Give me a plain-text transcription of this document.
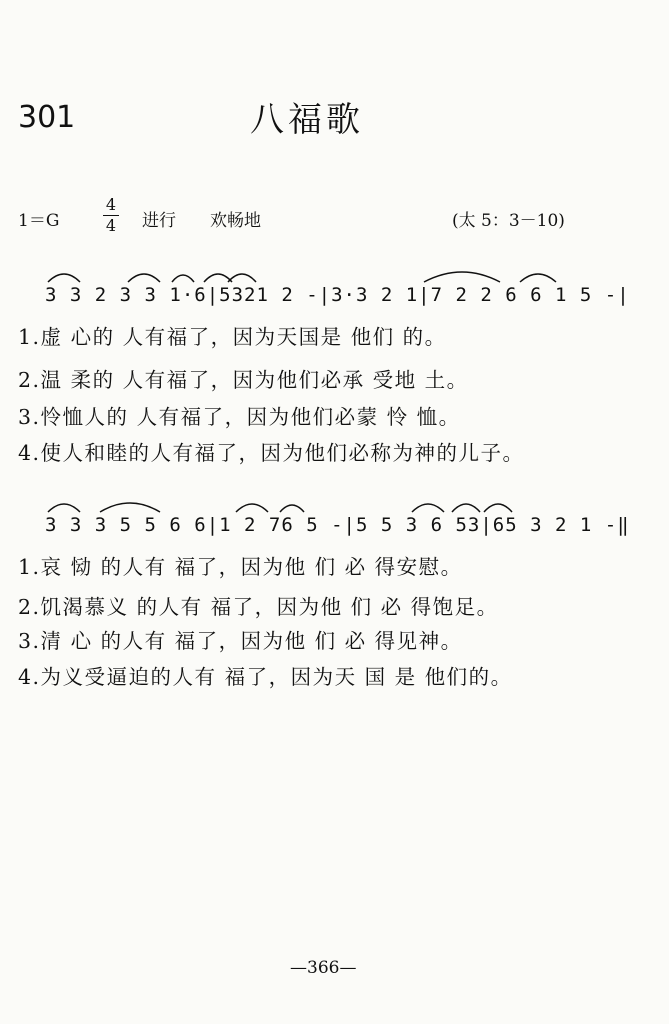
301	八福歌
1＝G
4
4 进行 欢畅地	(太 5：3－10)
3 3 2 3 3 1·6|5321 2 -|3·3 2 1|7 2 2 6 6 1 5 -|
1.虚 心的 人有福了，因为天国是 他们 的。
2.温 柔的 人有福了，因为他们必承 受地 土。
3.怜恤人的 人有福了，因为他们必蒙 怜 恤。
4.使人和睦的人有福了，因为他们必称为神的儿子。
3 3 3 5 5 6 6|1 2 76 5 -|5 5 3 6 53|65 3 2 1 -‖
1.哀 恸 的人有 福了，因为他 们 必 得安慰。
2.饥渴慕义 的人有 福了，因为他 们 必 得饱足。
3.清 心 的人有 福了，因为他 们 必 得见神。
4.为义受逼迫的人有 福了，因为天 国 是 他们的。
—366—
